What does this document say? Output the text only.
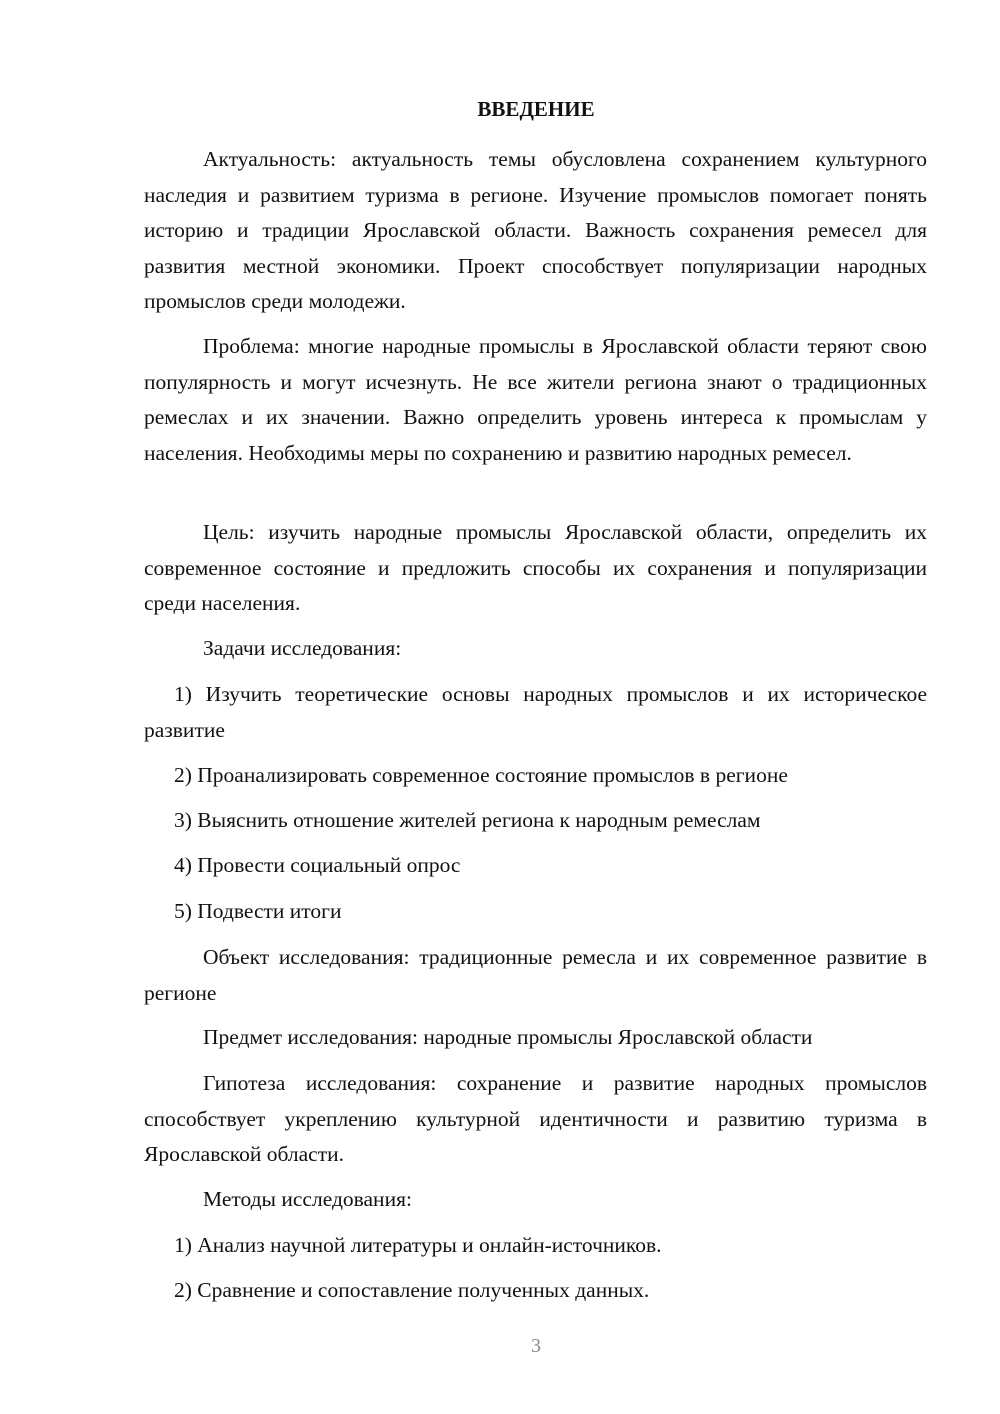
ВВЕДЕНИЕ

Актуальность: актуальность темы обусловлена сохранением культурного наследия и развитием туризма в регионе. Изучение промыслов помогает понять историю и традиции Ярославской области. Важность сохранения ремесел для развития местной экономики. Проект способствует популяризации народных промыслов среди молодежи.

Проблема: многие народные промыслы в Ярославской области теряют свою популярность и могут исчезнуть. Не все жители региона знают о традиционных ремеслах и их значении. Важно определить уровень интереса к промыслам у населения. Необходимы меры по сохранению и развитию народных ремесел.

Цель: изучить народные промыслы Ярославской области, определить их современное состояние и предложить способы их сохранения и популяризации среди населения.

Задачи исследования:

1) Изучить теоретические основы народных промыслов и их историческое развитие

2) Проанализировать современное состояние промыслов в регионе

3) Выяснить отношение жителей региона к народным ремеслам

4) Провести социальный опрос

5) Подвести итоги

Объект исследования: традиционные ремесла и их современное развитие в регионе

Предмет исследования: народные промыслы Ярославской области

Гипотеза исследования: сохранение и развитие народных промыслов способствует укреплению культурной идентичности и развитию туризма в Ярославской области.

Методы исследования:

1) Анализ научной литературы и онлайн-источников.

2) Сравнение и сопоставление полученных данных.

3
